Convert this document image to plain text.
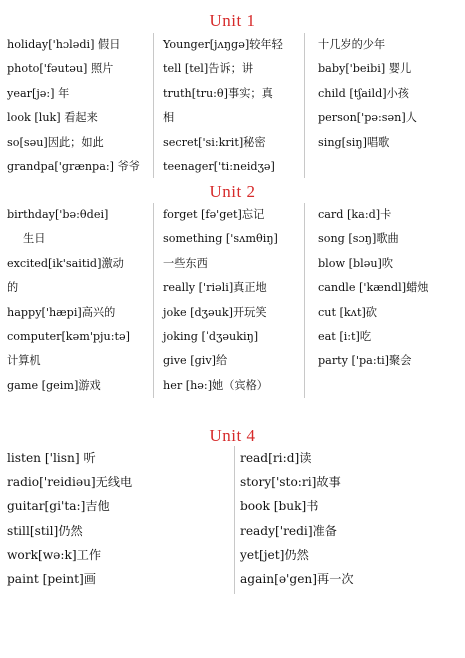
Unit 1
holiday['hɔlədi] 假日
photo['fəutəu] 照片
year[jə:] 年
look [luk] 看起来
so[səu]因此；如此
grandpa['grænpa:] 爷爷
Younger[jʌŋgə]较年轻
tell [tel]告诉；讲
truth[tru:θ]事实；真
相
secret['si:krit]秘密
teenager['ti:neidʒə]
十几岁的少年
baby['beibi] 婴儿
child [tʃaild]小孩
person['pə:sən]人
sing[siŋ]唱歌
Unit 2
birthday['bə:θdei]
生日
excited[ik'saitid]激动
的
happy['hæpi]高兴的
computer[kəm'pju:tə]
计算机
game [geim]游戏
forget [fə'get]忘记
something ['sʌmθiŋ]
一些东西
really ['riəli]真正地
joke [dʒəuk]开玩笑
joking [ˈdʒəukiŋ]
give [giv]给
her [hə:]她（宾格）
card [ka:d]卡
song [sɔŋ]歌曲
blow [bləu]吹
candle ['kændl]蜡烛
cut [kʌt]砍
eat [i:t]吃
party ['pa:ti]聚会
Unit 4
listen ['lisn] 听
radio['reidiəu]无线电
guitar[gi'ta:]吉他
still[stil]仍然
work[wə:k]工作
paint [peint]画
read[ri:d]读
story['sto:ri]故事
book [buk]书
ready['redi]准备
yet[jet]仍然
again[ə'gen]再一次
